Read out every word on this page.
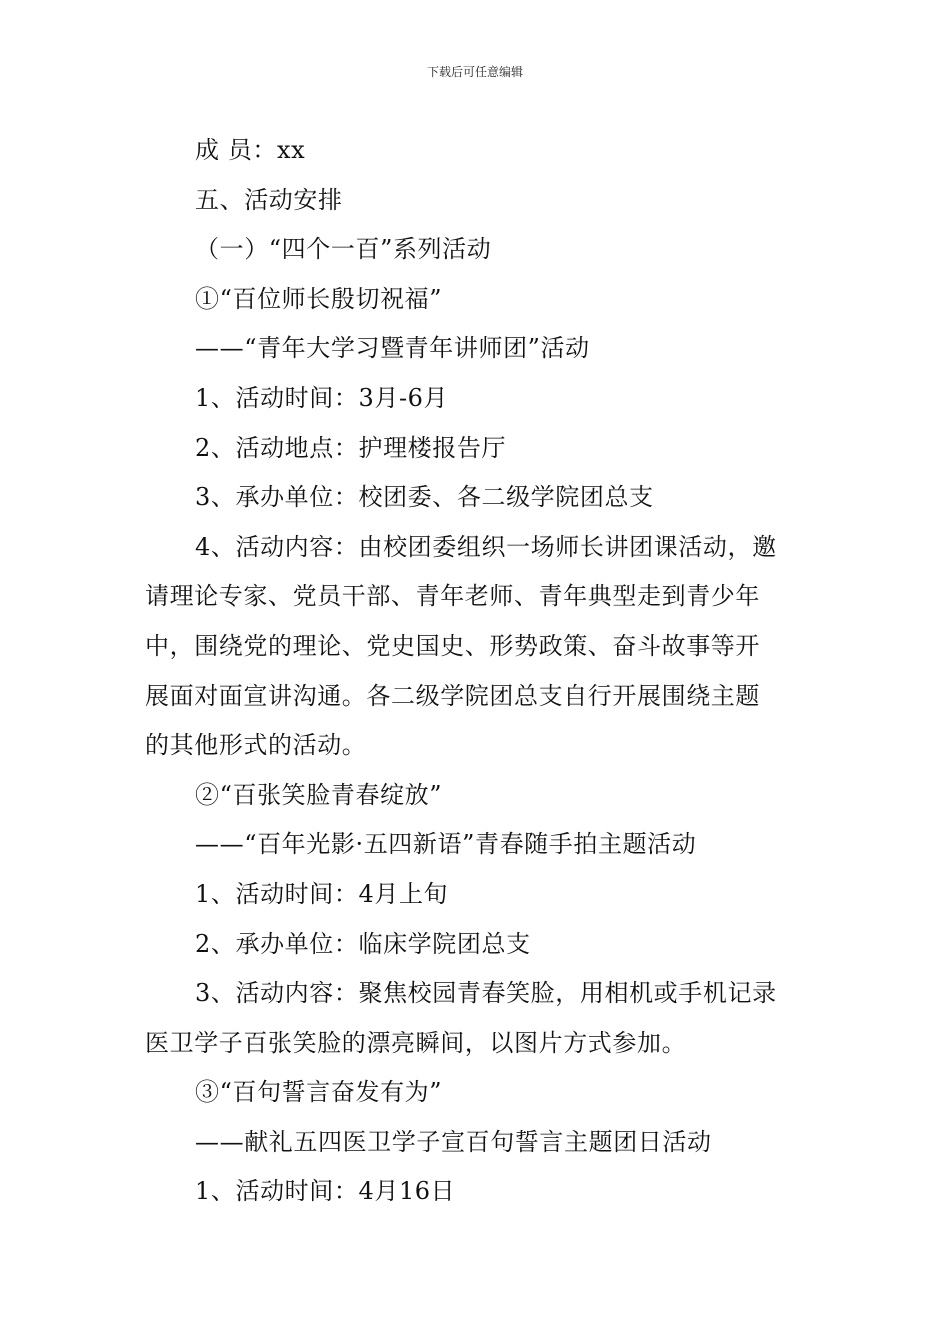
下载后可任意编辑

成 员：xx

五、活动安排

（一）“四个一百”系列活动

①“百位师长殷切祝福”

——“青年大学习暨青年讲师团”活动

1、活动时间：3月-6月

2、活动地点：护理楼报告厅

3、承办单位：校团委、各二级学院团总支

4、活动内容：由校团委组织一场师长讲团课活动，邀
请理论专家、党员干部、青年老师、青年典型走到青少年
中，围绕党的理论、党史国史、形势政策、奋斗故事等开
展面对面宣讲沟通。各二级学院团总支自行开展围绕主题
的其他形式的活动。

②“百张笑脸青春绽放”

——“百年光影·五四新语”青春随手拍主题活动

1、活动时间：4月上旬

2、承办单位：临床学院团总支

3、活动内容：聚焦校园青春笑脸，用相机或手机记录
医卫学子百张笑脸的漂亮瞬间，以图片方式参加。

③“百句誓言奋发有为”

——献礼五四医卫学子宣百句誓言主题团日活动

1、活动时间：4月16日
